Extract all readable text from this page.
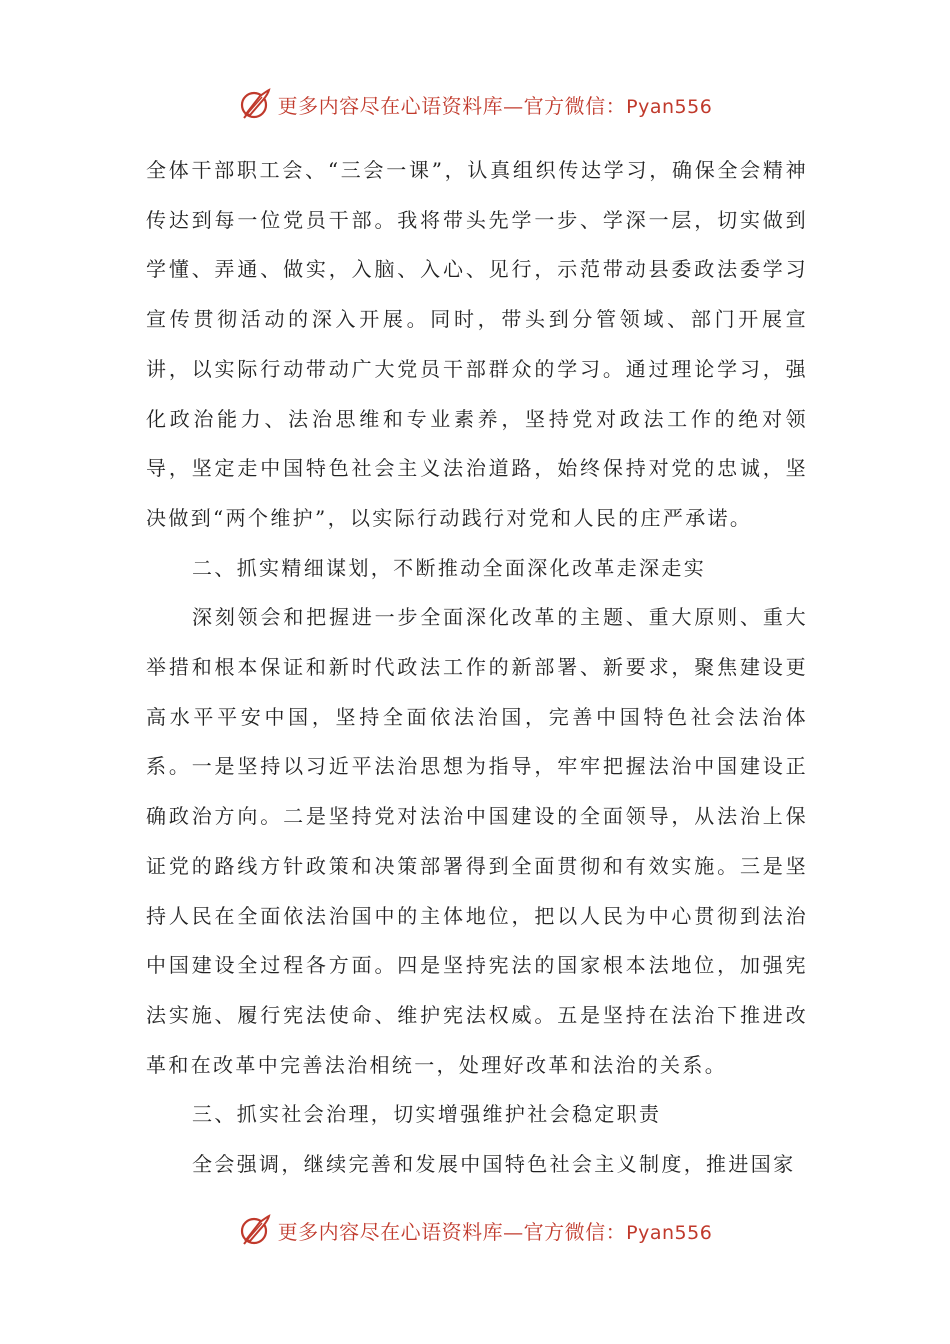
更多内容尽在心语资料库—官方微信：Pyan556

全体干部职工会、“三会一课”，认真组织传达学习，确保全会精神传达到每一位党员干部。我将带头先学一步、学深一层，切实做到学懂、弄通、做实，入脑、入心、见行，示范带动县委政法委学习宣传贯彻活动的深入开展。同时，带头到分管领域、部门开展宣讲，以实际行动带动广大党员干部群众的学习。通过理论学习，强化政治能力、法治思维和专业素养，坚持党对政法工作的绝对领导，坚定走中国特色社会主义法治道路，始终保持对党的忠诚，坚决做到“两个维护”，以实际行动践行对党和人民的庄严承诺。

二、抓实精细谋划，不断推动全面深化改革走深走实

深刻领会和把握进一步全面深化改革的主题、重大原则、重大举措和根本保证和新时代政法工作的新部署、新要求，聚焦建设更高水平平安中国，坚持全面依法治国，完善中国特色社会法治体系。一是坚持以习近平法治思想为指导，牢牢把握法治中国建设正确政治方向。二是坚持党对法治中国建设的全面领导，从法治上保证党的路线方针政策和决策部署得到全面贯彻和有效实施。三是坚持人民在全面依法治国中的主体地位，把以人民为中心贯彻到法治中国建设全过程各方面。四是坚持宪法的国家根本法地位，加强宪法实施、履行宪法使命、维护宪法权威。五是坚持在法治下推进改革和在改革中完善法治相统一，处理好改革和法治的关系。

三、抓实社会治理，切实增强维护社会稳定职责

全会强调，继续完善和发展中国特色社会主义制度，推进国家

更多内容尽在心语资料库—官方微信：Pyan556
